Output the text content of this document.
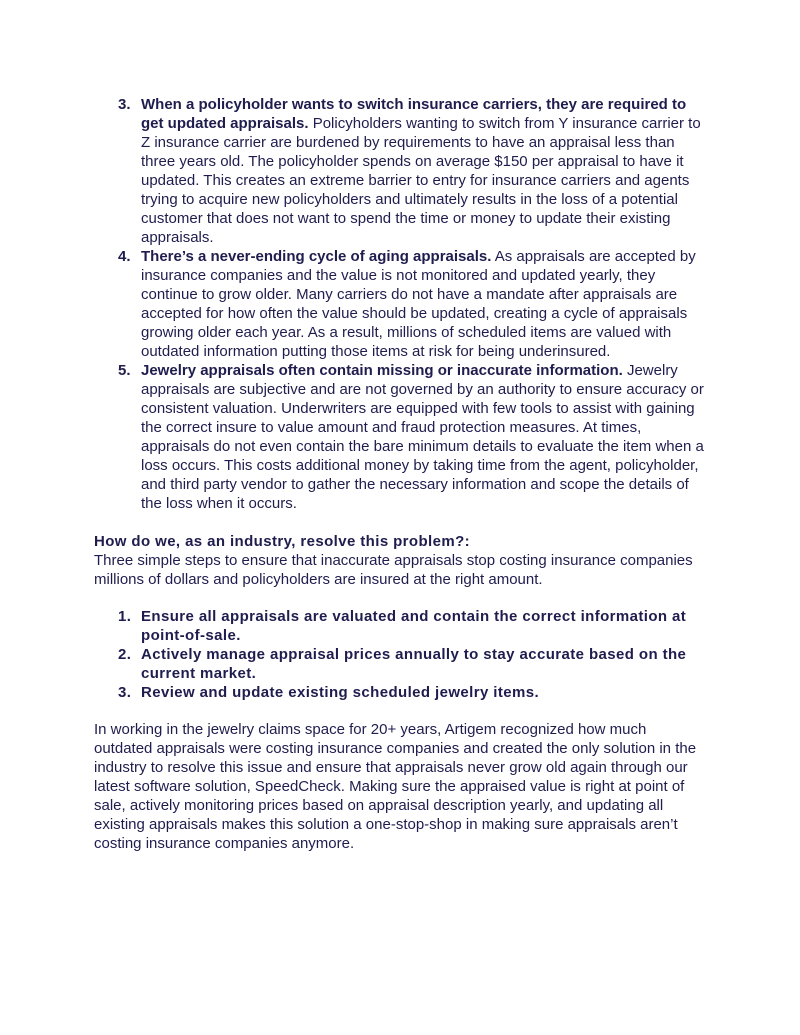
3. When a policyholder wants to switch insurance carriers, they are required to get updated appraisals. Policyholders wanting to switch from Y insurance carrier to Z insurance carrier are burdened by requirements to have an appraisal less than three years old. The policyholder spends on average $150 per appraisal to have it updated. This creates an extreme barrier to entry for insurance carriers and agents trying to acquire new policyholders and ultimately results in the loss of a potential customer that does not want to spend the time or money to update their existing appraisals.
4. There’s a never-ending cycle of aging appraisals. As appraisals are accepted by insurance companies and the value is not monitored and updated yearly, they continue to grow older. Many carriers do not have a mandate after appraisals are accepted for how often the value should be updated, creating a cycle of appraisals growing older each year. As a result, millions of scheduled items are valued with outdated information putting those items at risk for being underinsured.
5. Jewelry appraisals often contain missing or inaccurate information. Jewelry appraisals are subjective and are not governed by an authority to ensure accuracy or consistent valuation. Underwriters are equipped with few tools to assist with gaining the correct insure to value amount and fraud protection measures. At times, appraisals do not even contain the bare minimum details to evaluate the item when a loss occurs. This costs additional money by taking time from the agent, policyholder, and third party vendor to gather the necessary information and scope the details of the loss when it occurs.

How do we, as an industry, resolve this problem?:

Three simple steps to ensure that inaccurate appraisals stop costing insurance companies millions of dollars and policyholders are insured at the right amount.

1. Ensure all appraisals are valuated and contain the correct information at point-of-sale.
2. Actively manage appraisal prices annually to stay accurate based on the current market.
3. Review and update existing scheduled jewelry items.

In working in the jewelry claims space for 20+ years, Artigem recognized how much outdated appraisals were costing insurance companies and created the only solution in the industry to resolve this issue and ensure that appraisals never grow old again through our latest software solution, SpeedCheck. Making sure the appraised value is right at point of sale, actively monitoring prices based on appraisal description yearly, and updating all existing appraisals makes this solution a one-stop-shop in making sure appraisals aren’t costing insurance companies anymore.
